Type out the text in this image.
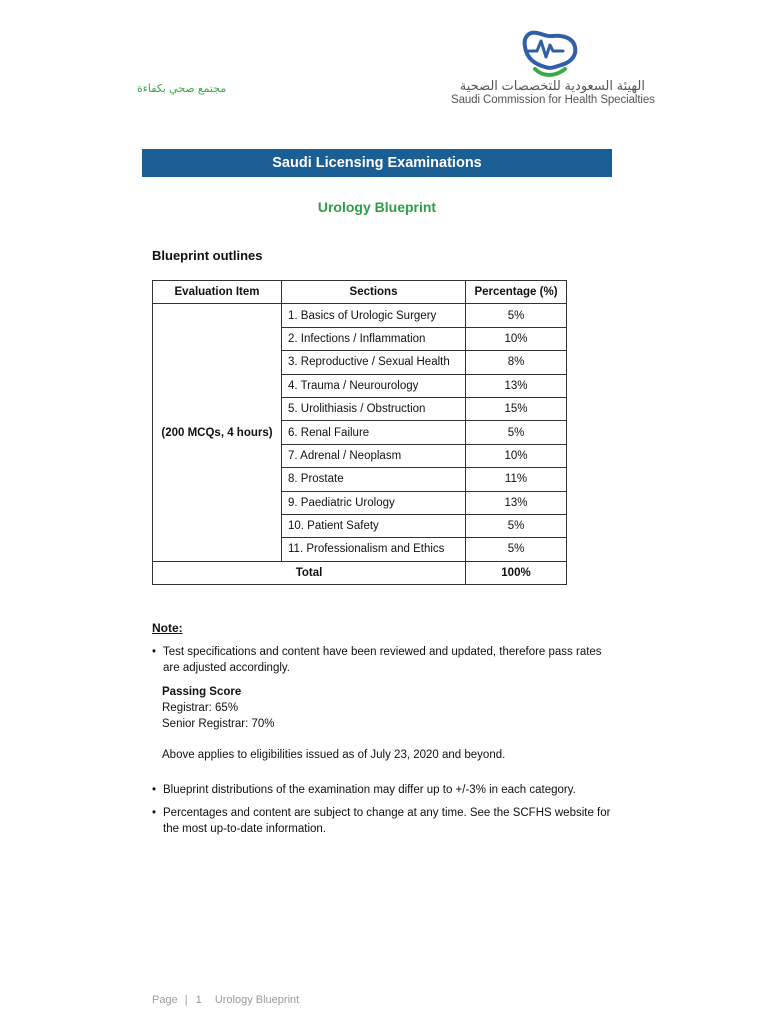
مجتمع صحي بكفاءة	الهيئة السعودية للتخصصات الصحية
Saudi Commission for Health Specialties
Saudi Licensing Examinations
Urology Blueprint
Blueprint outlines
Evaluation Item	Sections	Percentage (%)
(200 MCQs, 4 hours)	1. Basics of Urologic Surgery	5%
	2. Infections / Inflammation	10%
	3. Reproductive / Sexual Health	8%
	4. Trauma / Neurourology	13%
	5. Urolithiasis / Obstruction	15%
	6. Renal Failure	5%
	7. Adrenal / Neoplasm	10%
	8. Prostate	11%
	9. Paediatric Urology	13%
	10. Patient Safety	5%
	11. Professionalism and Ethics	5%
Total		100%
Note:
• Test specifications and content have been reviewed and updated, therefore pass rates are adjusted accordingly.
Passing Score
Registrar: 65%
Senior Registrar: 70%
Above applies to eligibilities issued as of July 23, 2020 and beyond.
• Blueprint distributions of the examination may differ up to +/-3% in each category.
• Percentages and content are subject to change at any time. See the SCFHS website for the most up-to-date information.
Page | 1 Urology Blueprint
